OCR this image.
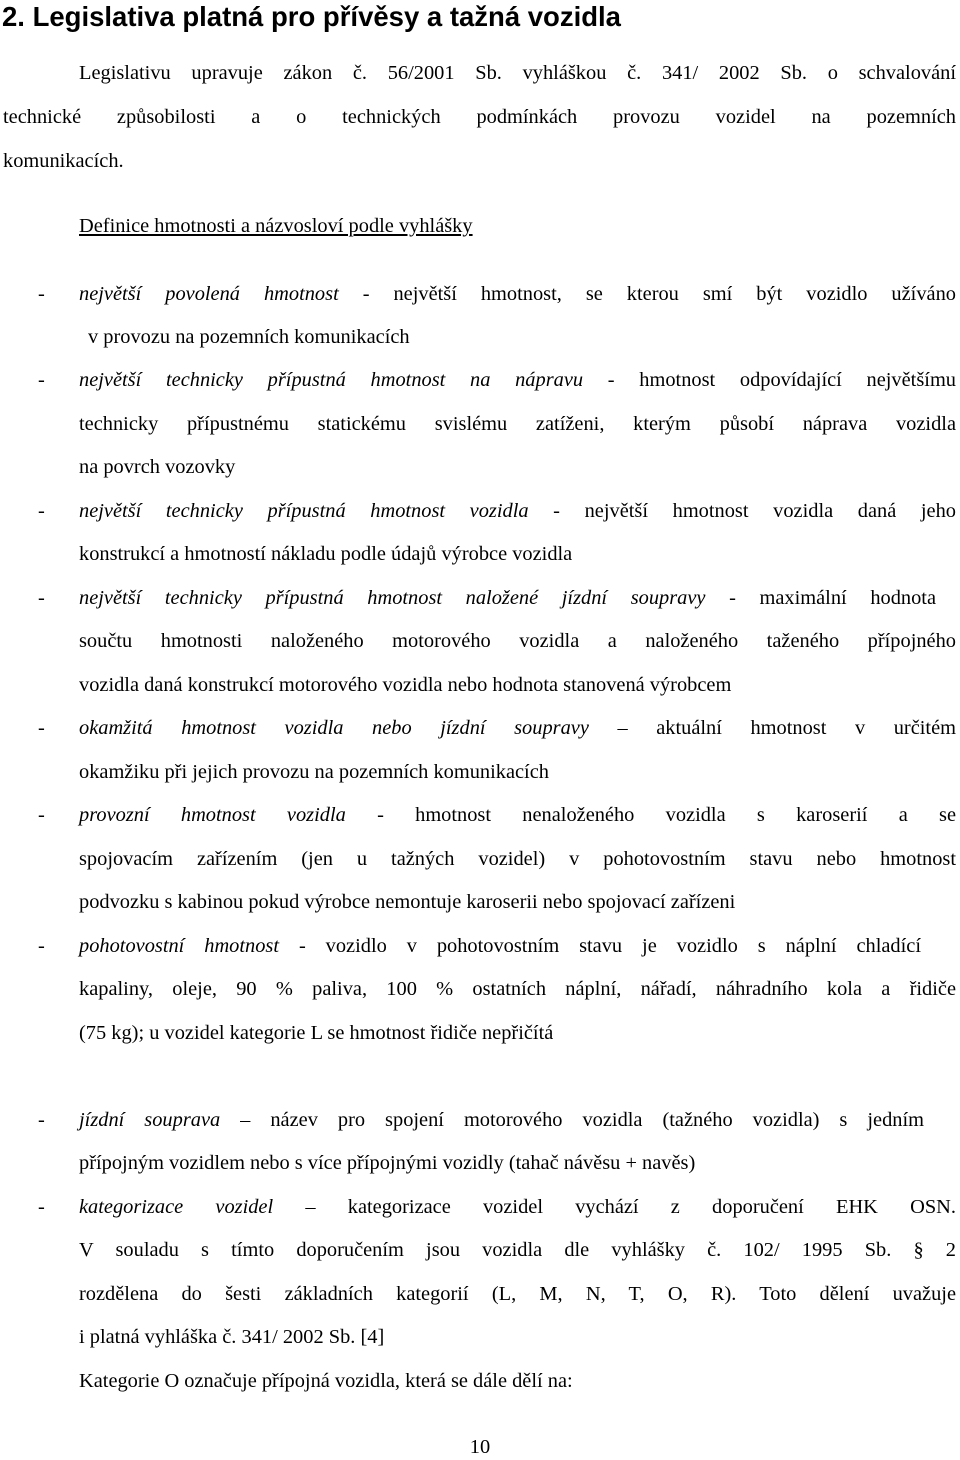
2. Legislativa platná pro přívěsy a tažná vozidla
Legislativu upravuje zákon č. 56/2001 Sb. vyhláškou č. 341/ 2002 Sb. o schvalování
technické způsobilosti a o technických podmínkách provozu vozidel na pozemních
komunikacích.
Definice hmotnosti a názvosloví podle vyhlášky
- největší povolená hmotnost - největší hmotnost, se kterou smí být vozidlo užíváno
v provozu na pozemních komunikacích
- největší technicky přípustná hmotnost na nápravu - hmotnost odpovídající největšímu
technicky přípustnému statickému svislému zatíženi, kterým působí náprava vozidla
na povrch vozovky
- největší technicky přípustná hmotnost vozidla - největší hmotnost vozidla daná jeho
konstrukcí a hmotností nákladu podle údajů výrobce vozidla
- největší technicky přípustná hmotnost naložené jízdní soupravy - maximální hodnota
součtu hmotnosti naloženého motorového vozidla a naloženého taženého přípojného
vozidla daná konstrukcí motorového vozidla nebo hodnota stanovená výrobcem
- okamžitá hmotnost vozidla nebo jízdní soupravy – aktuální hmotnost v určitém
okamžiku při jejich provozu na pozemních komunikacích
- provozní hmotnost vozidla - hmotnost nenaloženého vozidla s karoserií a se
spojovacím zařízením (jen u tažných vozidel) v pohotovostním stavu nebo hmotnost
podvozku s kabinou pokud výrobce nemontuje karoserii nebo spojovací zařízeni
- pohotovostní hmotnost - vozidlo v pohotovostním stavu je vozidlo s náplní chladící
kapaliny, oleje, 90 % paliva, 100 % ostatních náplní, nářadí, náhradního kola a řidiče
(75 kg); u vozidel kategorie L se hmotnost řidiče nepřičítá
- jízdní souprava – název pro spojení motorového vozidla (tažného vozidla) s jedním
přípojným vozidlem nebo s více přípojnými vozidly (tahač návěsu + navěs)
- kategorizace vozidel – kategorizace vozidel vychází z doporučení EHK OSN.
V souladu s tímto doporučením jsou vozidla dle vyhlášky č. 102/ 1995 Sb. § 2
rozdělena do šesti základních kategorií (L, M, N, T, O, R). Toto dělení uvažuje
i platná vyhláška č. 341/ 2002 Sb. [4]
Kategorie O označuje přípojná vozidla, která se dále dělí na:
10
